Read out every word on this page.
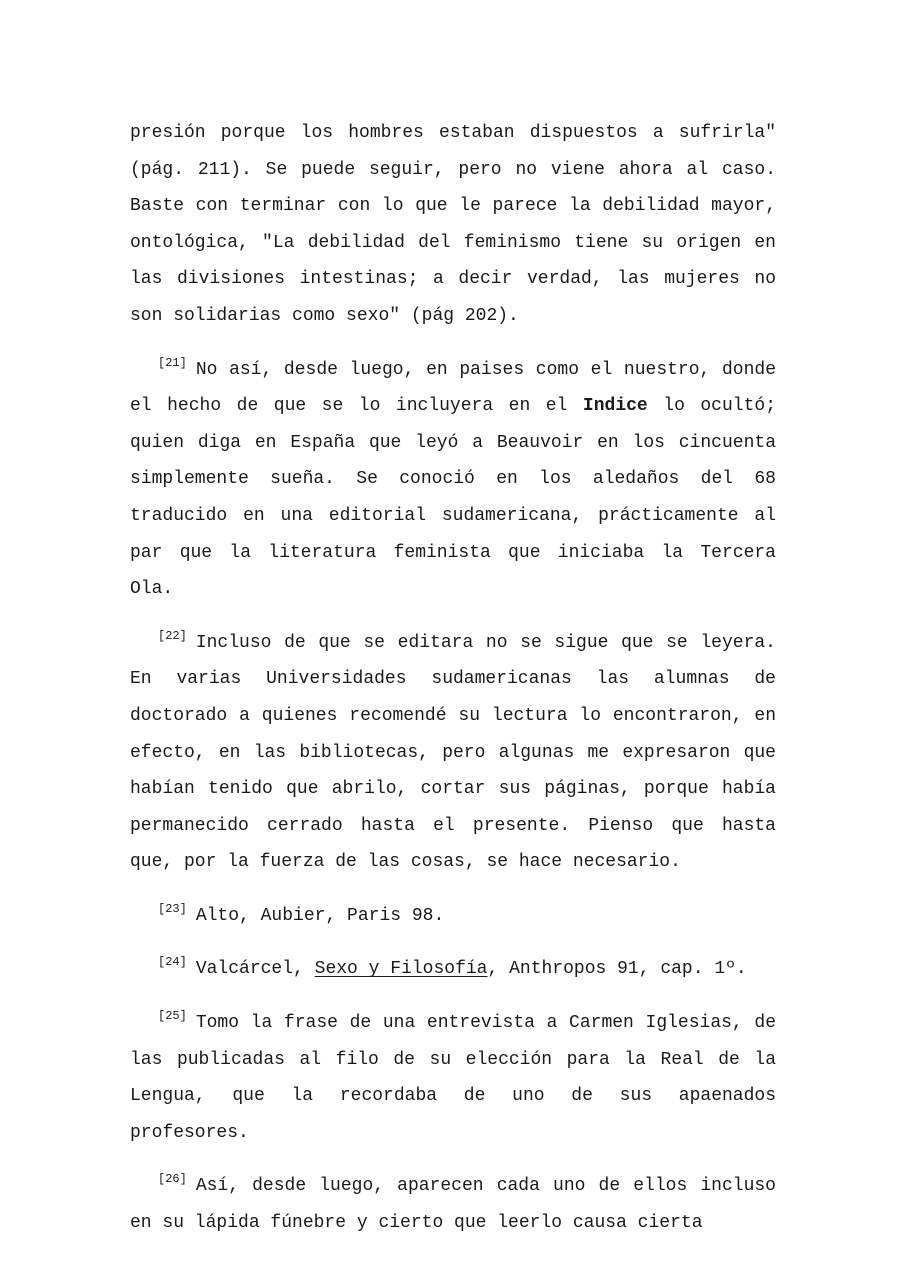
presión porque los hombres estaban dispuestos a sufrirla" (pág. 211). Se puede seguir, pero no viene ahora al caso. Baste con terminar con lo que le parece la debilidad mayor, ontológica, "La debilidad del feminismo tiene su origen en las divisiones intestinas; a decir verdad, las mujeres no son solidarias como sexo" (pág 202).

[21] No así, desde luego, en paises como el nuestro, donde el hecho de que se lo incluyera en el Indice lo ocultó; quien diga en España que leyó a Beauvoir en los cincuenta simplemente sueña. Se conoció en los aledaños del 68 traducido en una editorial sudamericana, prácticamente al par que la literatura feminista que iniciaba la Tercera Ola.

[22] Incluso de que se editara no se sigue que se leyera. En varias Universidades sudamericanas las alumnas de doctorado a quienes recomendé su lectura lo encontraron, en efecto, en las bibliotecas, pero algunas me expresaron que habían tenido que abrilo, cortar sus páginas, porque había permanecido cerrado hasta el presente. Pienso que hasta que, por la fuerza de las cosas, se hace necesario.

[23] Alto, Aubier, Paris 98.

[24] Valcárcel, Sexo y Filosofía, Anthropos 91, cap. 1º.

[25] Tomo la frase de una entrevista a Carmen Iglesias, de las publicadas al filo de su elección para la Real de la Lengua, que la recordaba de uno de sus apaenados profesores.

[26] Así, desde luego, aparecen cada uno de ellos incluso en su lápida fúnebre y cierto que leerlo causa cierta
